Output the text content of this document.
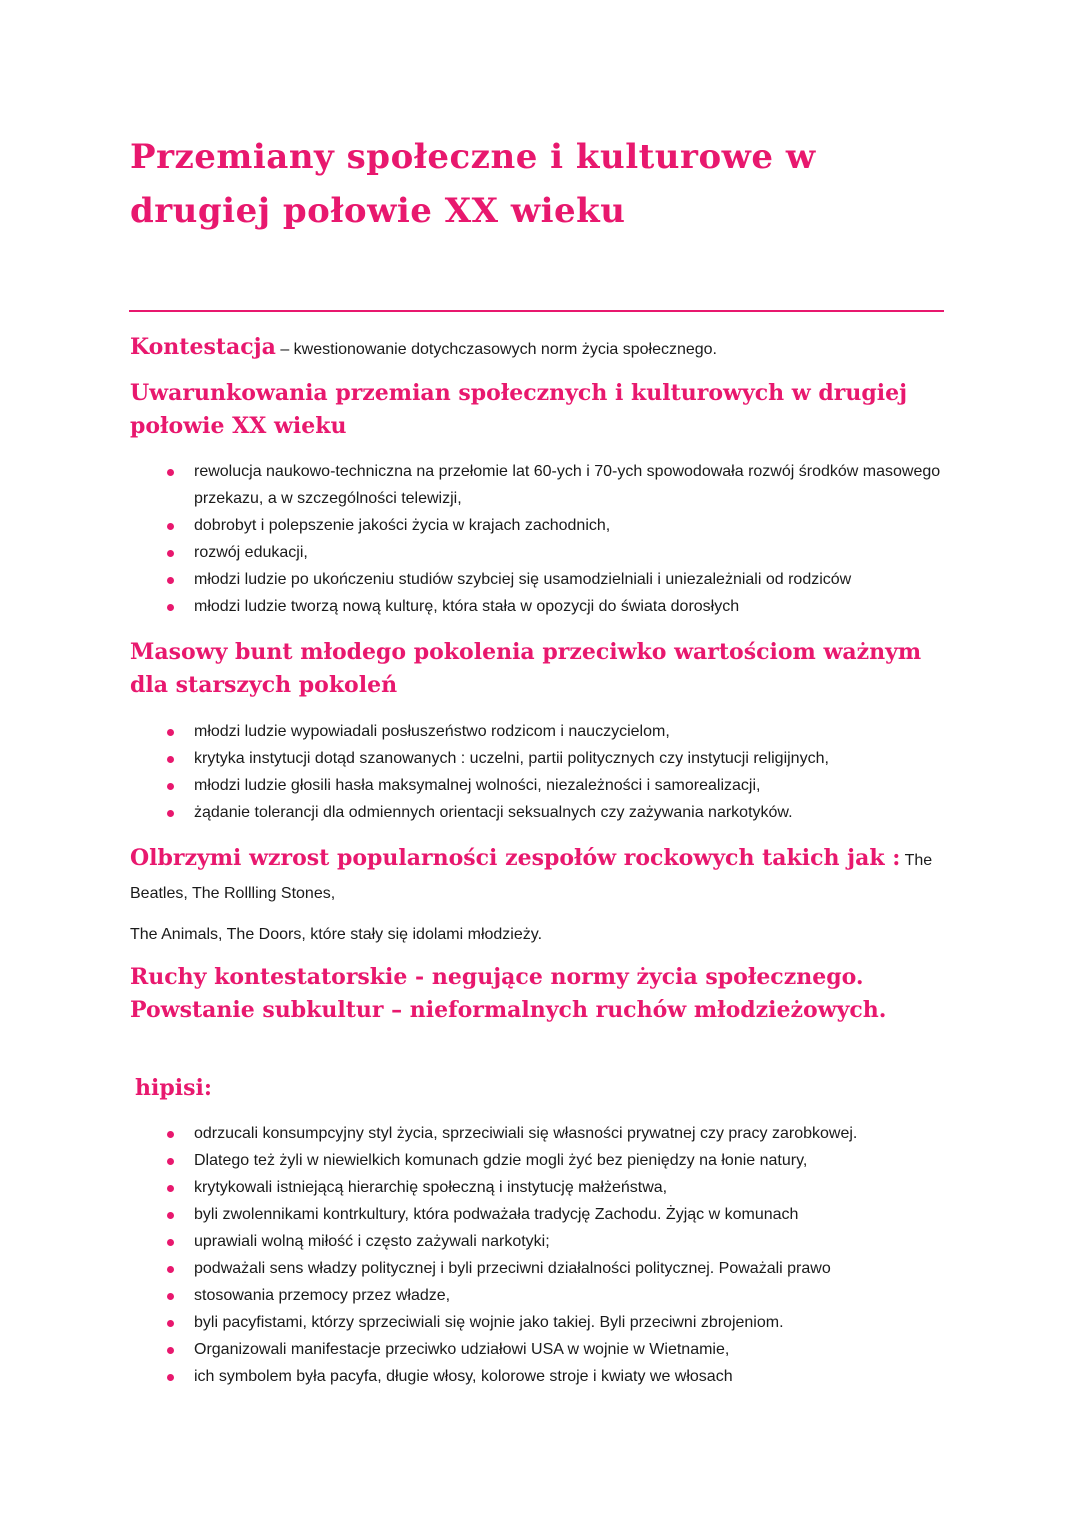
Przemiany społeczne i kulturowe w drugiej połowie XX wieku

Kontestacja – kwestionowanie dotychczasowych norm życia społecznego.

Uwarunkowania przemian społecznych i kulturowych w drugiej połowie XX wieku
rewolucja naukowo-techniczna na przełomie lat 60-ych i 70-ych spowodowała rozwój środków masowego przekazu, a w szczególności telewizji,
dobrobyt i polepszenie jakości życia w krajach zachodnich,
rozwój edukacji,
młodzi ludzie po ukończeniu studiów szybciej się usamodzielniali i uniezależniali od rodziców
młodzi ludzie tworzą nową kulturę, która stała w opozycji do świata dorosłych
Masowy bunt młodego pokolenia przeciwko wartościom ważnym dla starszych pokoleń
młodzi ludzie wypowiadali posłuszeństwo rodzicom i nauczycielom,
krytyka instytucji dotąd szanowanych : uczelni, partii politycznych czy instytucji religijnych,
młodzi ludzie głosili hasła maksymalnej wolności, niezależności i samorealizacji,
żądanie tolerancji dla odmiennych orientacji seksualnych czy zażywania narkotyków.

Olbrzymi wzrost popularności zespołów rockowych takich jak : The Beatles, The Rollling Stones,

The Animals, The Doors, które stały się idolami młodzieży.

Ruchy kontestatorskie - negujące normy życia społecznego. Powstanie subkultur – nieformalnych ruchów młodzieżowych.
hipisi:
odrzucali konsumpcyjny styl życia, sprzeciwiali się własności prywatnej czy pracy zarobkowej.
Dlatego też żyli w niewielkich komunach gdzie mogli żyć bez pieniędzy na łonie natury,
krytykowali istniejącą hierarchię społeczną i instytucję małżeństwa,
byli zwolennikami kontrkultury, która podważała tradycję Zachodu. Żyjąc w komunach
uprawiali wolną miłość i często zażywali narkotyki;
podważali sens władzy politycznej i byli przeciwni działalności politycznej. Poważali prawo
stosowania przemocy przez władze,
byli pacyfistami, którzy sprzeciwiali się wojnie jako takiej. Byli przeciwni zbrojeniom.
Organizowali manifestacje przeciwko udziałowi USA w wojnie w Wietnamie,
ich symbolem była pacyfa, długie włosy, kolorowe stroje i kwiaty we włosach
